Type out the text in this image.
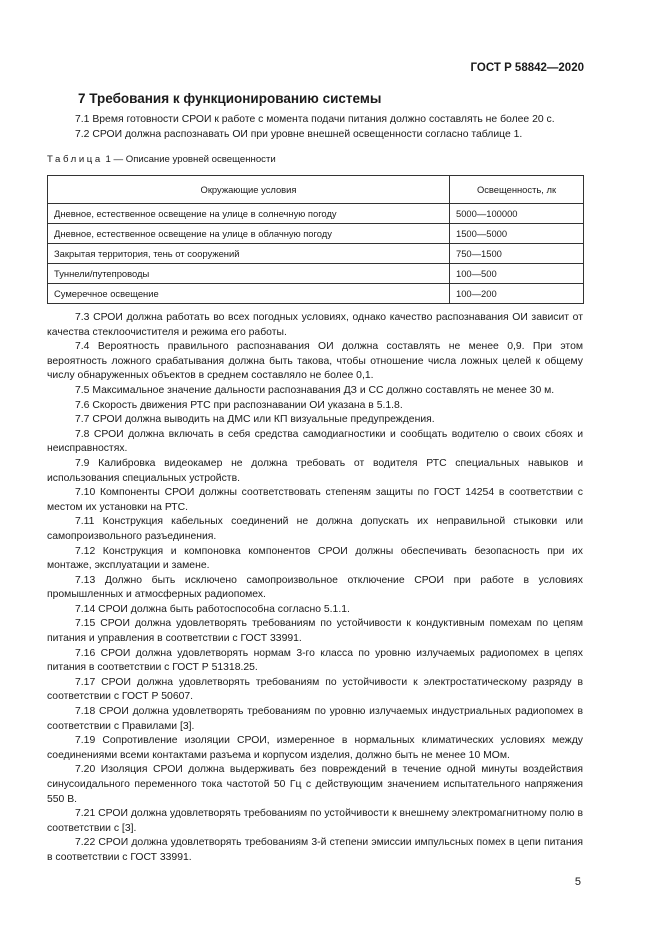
ГОСТ Р 58842—2020
7 Требования к функционированию системы
7.1 Время готовности СРОИ к работе с момента подачи питания должно составлять не более 20 с.
7.2 СРОИ должна распознавать ОИ при уровне внешней освещенности согласно таблице 1.
Таблица 1 — Описание уровней освещенности
Окружающие условия	Освещенность, лк
Дневное, естественное освещение на улице в солнечную погоду	5000—100000
Дневное, естественное освещение на улице в облачную погоду	1500—5000
Закрытая территория, тень от сооружений	750—1500
Туннели/путепроводы	100—500
Сумеречное освещение	100—200

7.3 СРОИ должна работать во всех погодных условиях, однако качество распознавания ОИ зависит от качества стеклоочистителя и режима его работы.

7.4 Вероятность правильного распознавания ОИ должна составлять не менее 0,9. При этом вероятность ложного срабатывания должна быть такова, чтобы отношение числа ложных целей к общему числу обнаруженных объектов в среднем составляло не более 0,1.

7.5 Максимальное значение дальности распознавания ДЗ и СС должно составлять не менее 30 м.

7.6 Скорость движения РТС при распознавании ОИ указана в 5.1.8.

7.7 СРОИ должна выводить на ДМС или КП визуальные предупреждения.

7.8 СРОИ должна включать в себя средства самодиагностики и сообщать водителю о своих сбоях и неисправностях.

7.9 Калибровка видеокамер не должна требовать от водителя РТС специальных навыков и использования специальных устройств.

7.10 Компоненты СРОИ должны соответствовать степеням защиты по ГОСТ 14254 в соответствии с местом их установки на РТС.

7.11 Конструкция кабельных соединений не должна допускать их неправильной стыковки или самопроизвольного разъединения.

7.12 Конструкция и компоновка компонентов СРОИ должны обеспечивать безопасность при их монтаже, эксплуатации и замене.

7.13 Должно быть исключено самопроизвольное отключение СРОИ при работе в условиях промышленных и атмосферных радиопомех.

7.14 СРОИ должна быть работоспособна согласно 5.1.1.

7.15 СРОИ должна удовлетворять требованиям по устойчивости к кондуктивным помехам по цепям питания и управления в соответствии с ГОСТ 33991.

7.16 СРОИ должна удовлетворять нормам 3-го класса по уровню излучаемых радиопомех в цепях питания в соответствии с ГОСТ Р 51318.25.

7.17 СРОИ должна удовлетворять требованиям по устойчивости к электростатическому разряду в соответствии с ГОСТ Р 50607.

7.18 СРОИ должна удовлетворять требованиям по уровню излучаемых индустриальных радиопомех в соответствии с Правилами [3].

7.19 Сопротивление изоляции СРОИ, измеренное в нормальных климатических условиях между соединениями всеми контактами разъема и корпусом изделия, должно быть не менее 10 МОм.

7.20 Изоляция СРОИ должна выдерживать без повреждений в течение одной минуты воздействия синусоидального переменного тока частотой 50 Гц с действующим значением испытательного напряжения 550 В.

7.21 СРОИ должна удовлетворять требованиям по устойчивости к внешнему электромагнитному полю в соответствии с [3].

7.22 СРОИ должна удовлетворять требованиям 3-й степени эмиссии импульсных помех в цепи питания в соответствии с ГОСТ 33991.

5
